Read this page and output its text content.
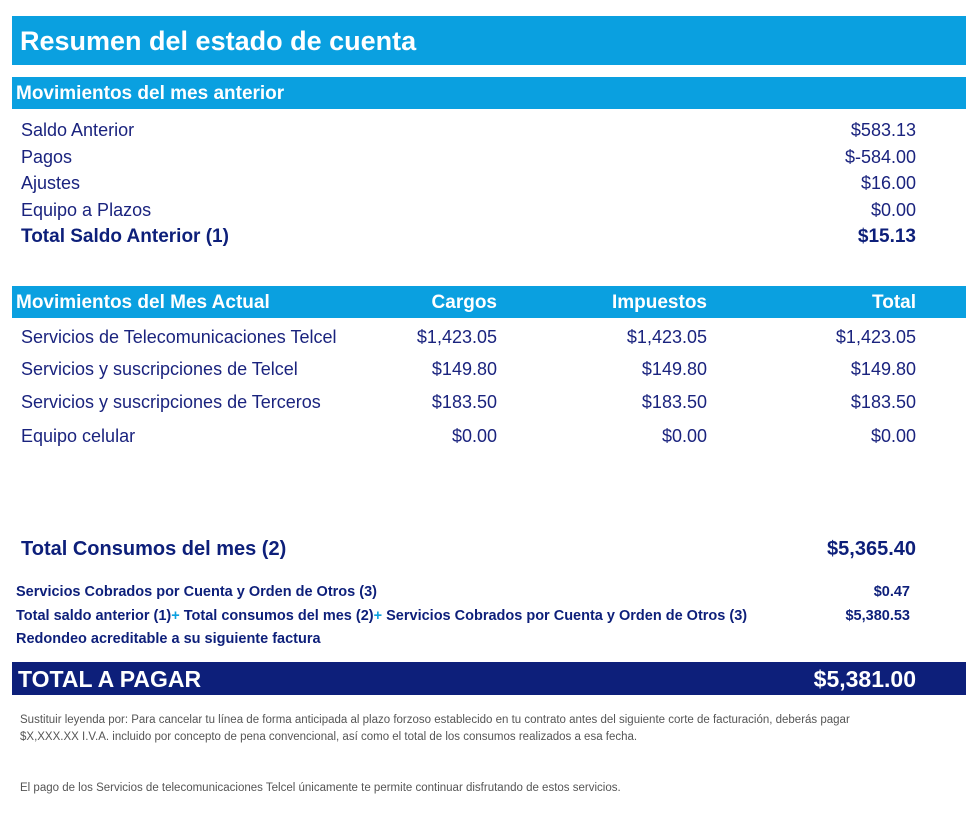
Resumen del estado de cuenta
Movimientos del mes anterior
Saldo Anterior	$583.13
Pagos	$-584.00
Ajustes	$16.00
Equipo a Plazos	$0.00
Total Saldo Anterior (1)	$15.13
Movimientos del Mes Actual	Cargos	Impuestos	Total
Servicios de Telecomunicaciones Telcel	$1,423.05	$1,423.05	$1,423.05
Servicios y suscripciones de Telcel	$149.80	$149.80	$149.80
Servicios y suscripciones de Terceros	$183.50	$183.50	$183.50
Equipo celular	$0.00	$0.00	$0.00
Total Consumos del mes (2)	$5,365.40
Servicios Cobrados por Cuenta y Orden de Otros (3)	$0.47
Total saldo anterior (1)+ Total consumos del mes (2)+ Servicios Cobrados por Cuenta y Orden de Otros (3)	$5,380.53
Redondeo acreditable a su siguiente factura
TOTAL A PAGAR	$5,381.00
Sustituir leyenda por: Para cancelar tu línea de forma anticipada al plazo forzoso establecido en tu contrato antes del siguiente corte de facturación, deberás pagar $X,XXX.XX I.V.A. incluido por concepto de pena convencional, así como el total de los consumos realizados a esa fecha.
El pago de los Servicios de telecomunicaciones Telcel únicamente te permite continuar disfrutando de estos servicios.
